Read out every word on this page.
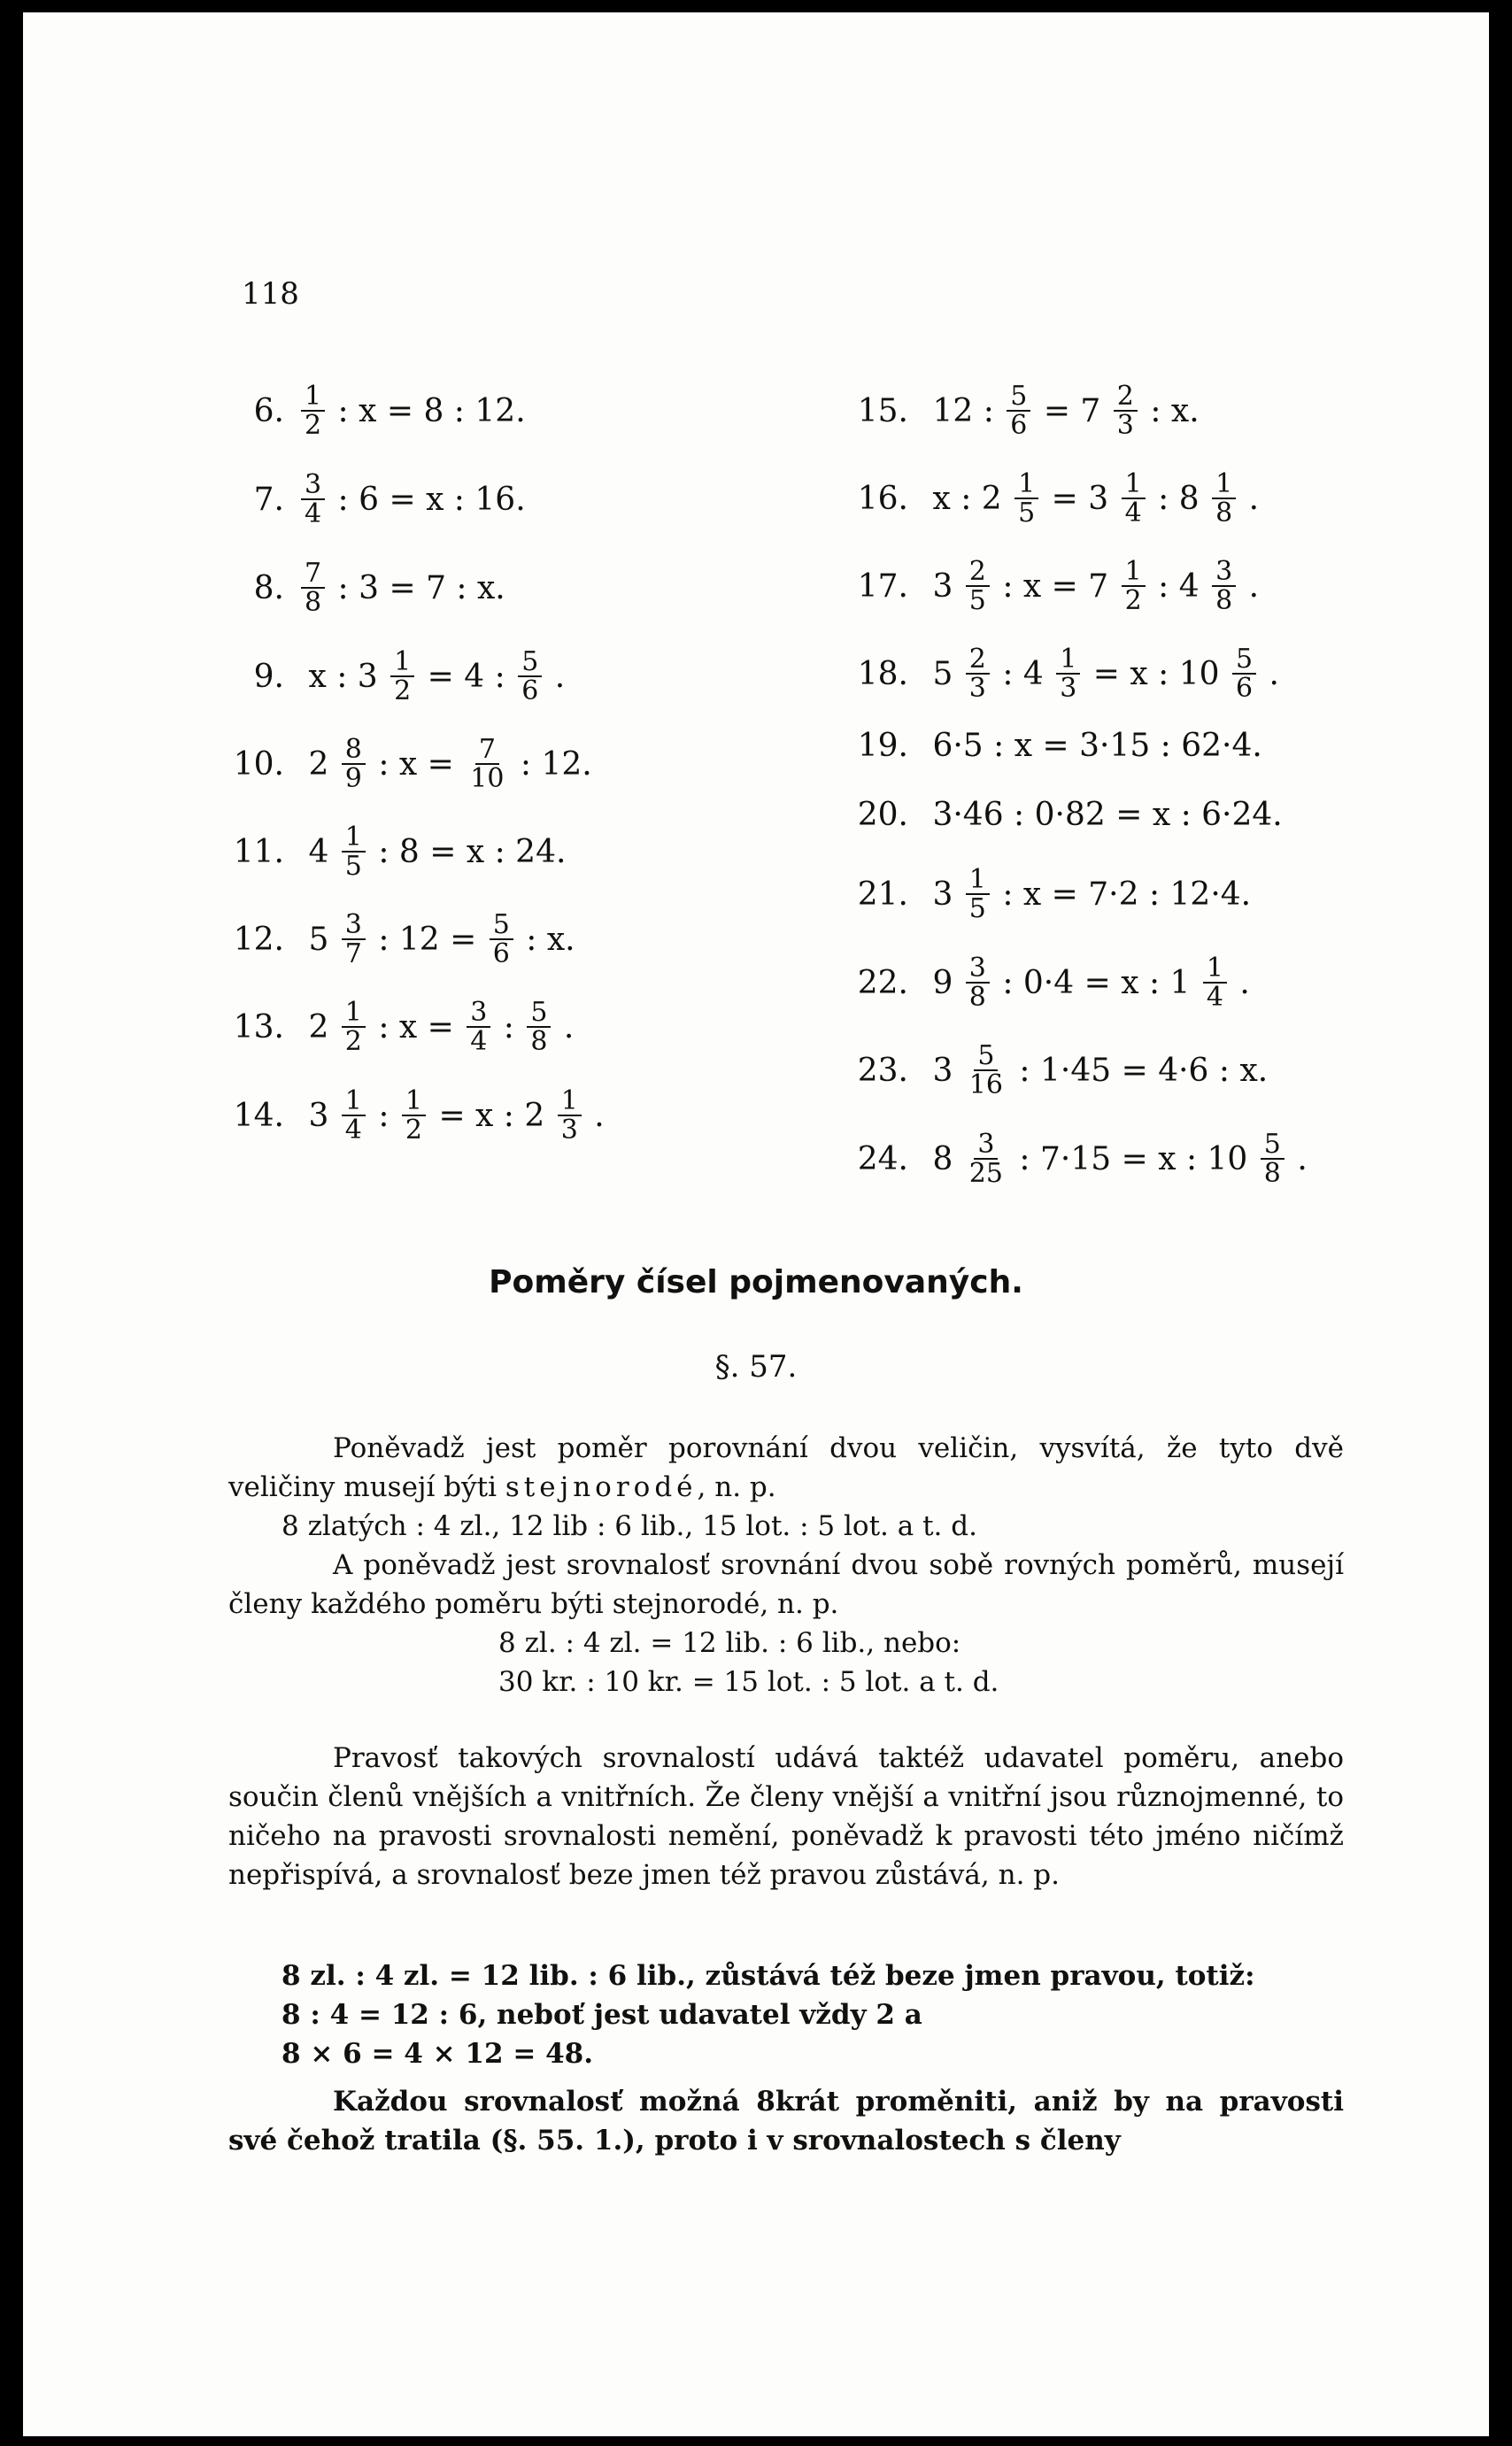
118
6. $\frac{1}{2}$ : x = 8 : 12.
7. $\frac{3}{4}$ : 6 = x : 16.
8. $\frac{7}{8}$ : 3 = 7 : x.
9. x : $3 \frac{1}{2} = 4$ : $\frac{5}{6}$ .
10. $2 \frac{8}{9}$ : $x = \frac{7}{10}$ : 12.
11. $4 \frac{1}{5}$ : 8 = x : 24.
12. $5 \frac{3}{7}$ : $12 = \frac{5}{6}$ : x.
13. $2 \frac{1}{2}$ : $x = \frac{3}{4}$ : $\frac{5}{8}$ .
14. $3 \frac{1}{4}$ : $\frac{1}{2} = x$ : $2 \frac{1}{3}$ .
15. 12 : $\frac{5}{6} = 7 \frac{2}{3}$ : x.
16. x : $2 \frac{1}{5} = 3 \frac{1}{4}$ : $8 \frac{1}{8}$ .
17. $3 \frac{2}{5}$ : $x = 7 \frac{1}{2}$ : $4 \frac{3}{8}$ .
18. $5 \frac{2}{3}$ : $4 \frac{1}{3} = x$ : $10 \frac{5}{6}$ .
19. 6·5 : x = 3·15 : 62·4.
20. 3·46 : 0·82 = x : 6·24.
21. $3 \frac{1}{5}$ : x = 7·2 : 12·4.
22. $9 \frac{3}{8}$ : 0·4 = x : $1 \frac{1}{4}$ .
23. $3 \frac{5}{16}$ : 1·45 = 4·6 : x.
24. $8 \frac{3}{25}$ : 7·15 = x : $10 \frac{5}{8}$ .
Poměry čísel pojmenovaných.
§. 57.

Poněvadž jest poměr porovnání dvou veličin, vysvítá, že tyto dvě veličiny musejí býti stejnorodé, n. p.

8 zlatých : 4 zl., 12 lib : 6 lib., 15 lot. : 5 lot. a t. d.

A poněvadž jest srovnalosť srovnání dvou sobě rovných poměrů, musejí členy každého poměru býti stejnorodé, n. p.

8 zl. : 4 zl. = 12 lib. : 6 lib., nebo:

30 kr. : 10 kr. = 15 lot. : 5 lot. a t. d.

Pravosť takových srovnalostí udává taktéž udavatel poměru, anebo součin členů vnějších a vnitřních. Že členy vnější a vnitřní jsou různojmenné, to ničeho na pravosti srovnalosti nemění, poněvadž k pravosti této jméno ničímž nepřispívá, a srovnalosť beze jmen též pravou zůstává, n. p.

8 zl. : 4 zl. = 12 lib. : 6 lib., zůstává též beze jmen pravou, totiž:

8 : 4 = 12 : 6, neboť jest udavatel vždy 2 a

8 × 6 = 4 × 12 = 48.

Každou srovnalosť možná 8krát proměniti, aniž by na pravosti své čehož tratila (§. 55. 1.), proto i v srovnalostech s členy
